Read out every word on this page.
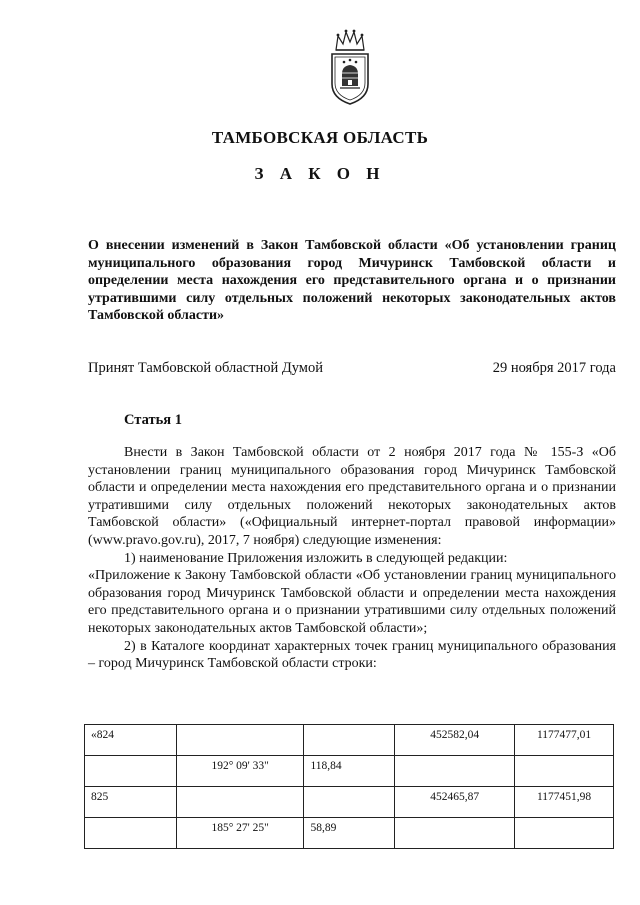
ТАМБОВСКАЯ ОБЛАСТЬ
З А К О Н
О внесении изменений в Закон Тамбовской области «Об установлении границ муниципального образования город Мичуринск Тамбовской области и определении места нахождения его представительного органа и о признании утратившими силу отдельных положений некоторых законодательных актов Тамбовской области»
Принят Тамбовской областной Думой	29 ноября 2017 года
Статья 1

Внести в Закон Тамбовской области от 2 ноября 2017 года № 155-З «Об установлении границ муниципального образования город Мичуринск Тамбовской области и определении места нахождения его представительного органа и о признании утратившими силу отдельных положений некоторых законодательных актов Тамбовской области» («Официальный интернет-портал правовой информации» (www.pravo.gov.ru), 2017, 7 ноября) следующие изменения:

1) наименование Приложения изложить в следующей редакции:

«Приложение к Закону Тамбовской области «Об установлении границ муниципального образования город Мичуринск Тамбовской области и определении места нахождения его представительного органа и о признании утратившими силу отдельных положений некоторых законодательных актов Тамбовской области»;

2) в Каталоге координат характерных точек границ муниципального образования – город Мичуринск Тамбовской области строки:

«824			452582,04	1177477,01
	192° 09' 33"	118,84		
825			452465,87	1177451,98
	185° 27' 25"	58,89		
